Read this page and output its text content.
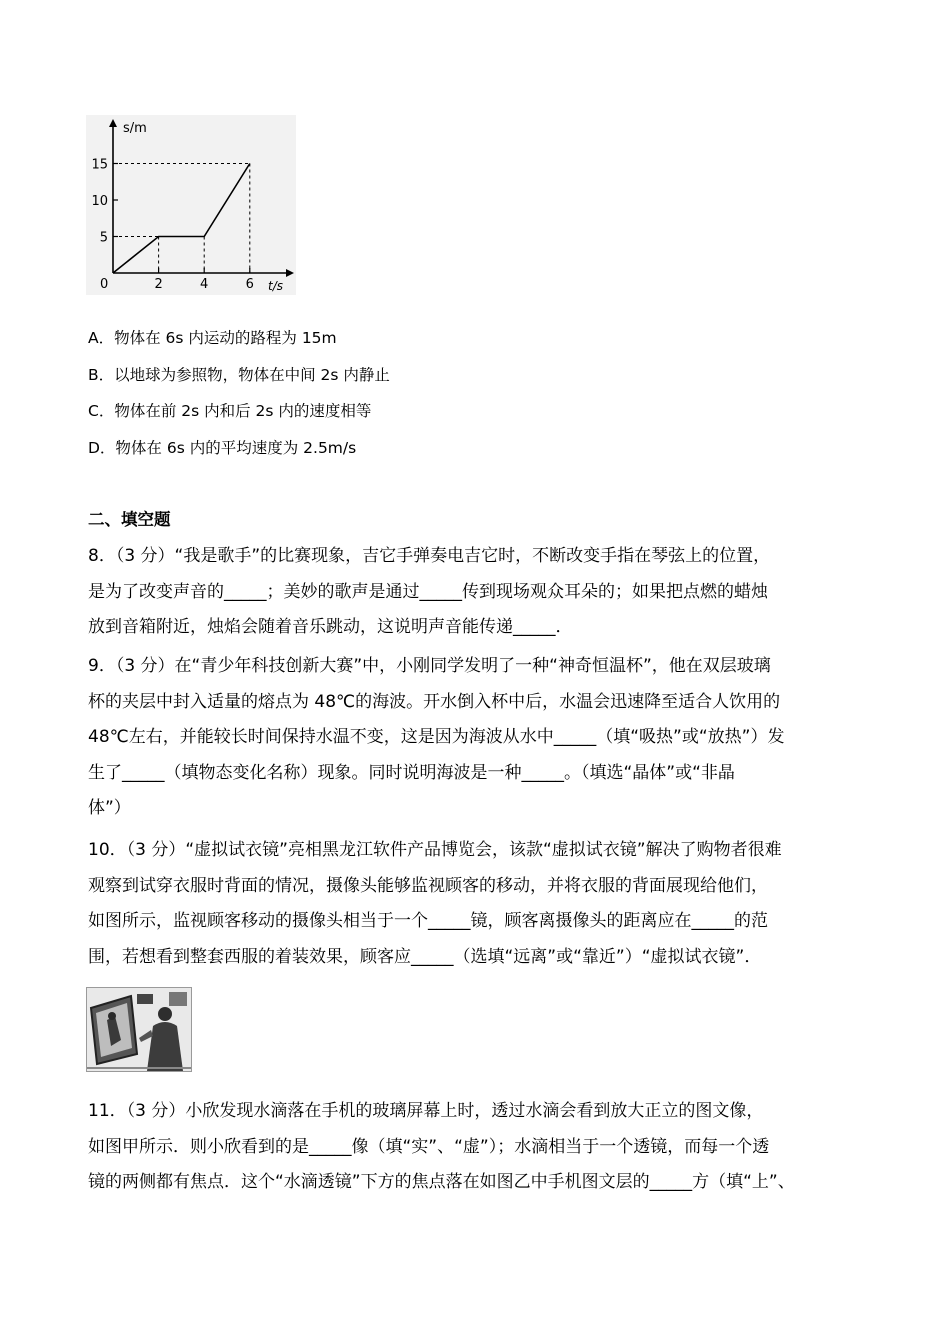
5
10
15
2	4	6
s/m
t/s
0
A．物体在 6s 内运动的路程为 15m
B．以地球为参照物，物体在中间 2s 内静止
C．物体在前 2s 内和后 2s 内的速度相等
D．物体在 6s 内的平均速度为 2.5m/s
二、填空题
8．（3 分）“我是歌手”的比赛现象，吉它手弹奏电吉它时，不断改变手指在琴弦上的位置，
是为了改变声音的_____；美妙的歌声是通过_____传到现场观众耳朵的；如果把点燃的蜡烛
放到音箱附近，烛焰会随着音乐跳动，这说明声音能传递_____．
9．（3 分）在“青少年科技创新大赛”中，小刚同学发明了一种“神奇恒温杯”，他在双层玻璃
杯的夹层中封入适量的熔点为 48℃的海波。开水倒入杯中后，水温会迅速降至适合人饮用的
48℃左右，并能较长时间保持水温不变，这是因为海波从水中_____（填“吸热”或“放热”）发
生了_____（填物态变化名称）现象。同时说明海波是一种_____。（填选“晶体”或“非晶
体”）
10．（3 分）“虚拟试衣镜”亮相黑龙江软件产品博览会，该款“虚拟试衣镜”解决了购物者很难
观察到试穿衣服时背面的情况，摄像头能够监视顾客的移动，并将衣服的背面展现给他们，
如图所示，监视顾客移动的摄像头相当于一个_____镜，顾客离摄像头的距离应在_____的范
围，若想看到整套西服的着装效果，顾客应_____（选填“远离”或“靠近”）“虚拟试衣镜”．
11．（3 分）小欣发现水滴落在手机的玻璃屏幕上时，透过水滴会看到放大正立的图文像，
如图甲所示．则小欣看到的是_____像（填“实”、“虚”）；水滴相当于一个透镜，而每一个透
镜的两侧都有焦点．这个“水滴透镜”下方的焦点落在如图乙中手机图文层的_____方（填“上”、
